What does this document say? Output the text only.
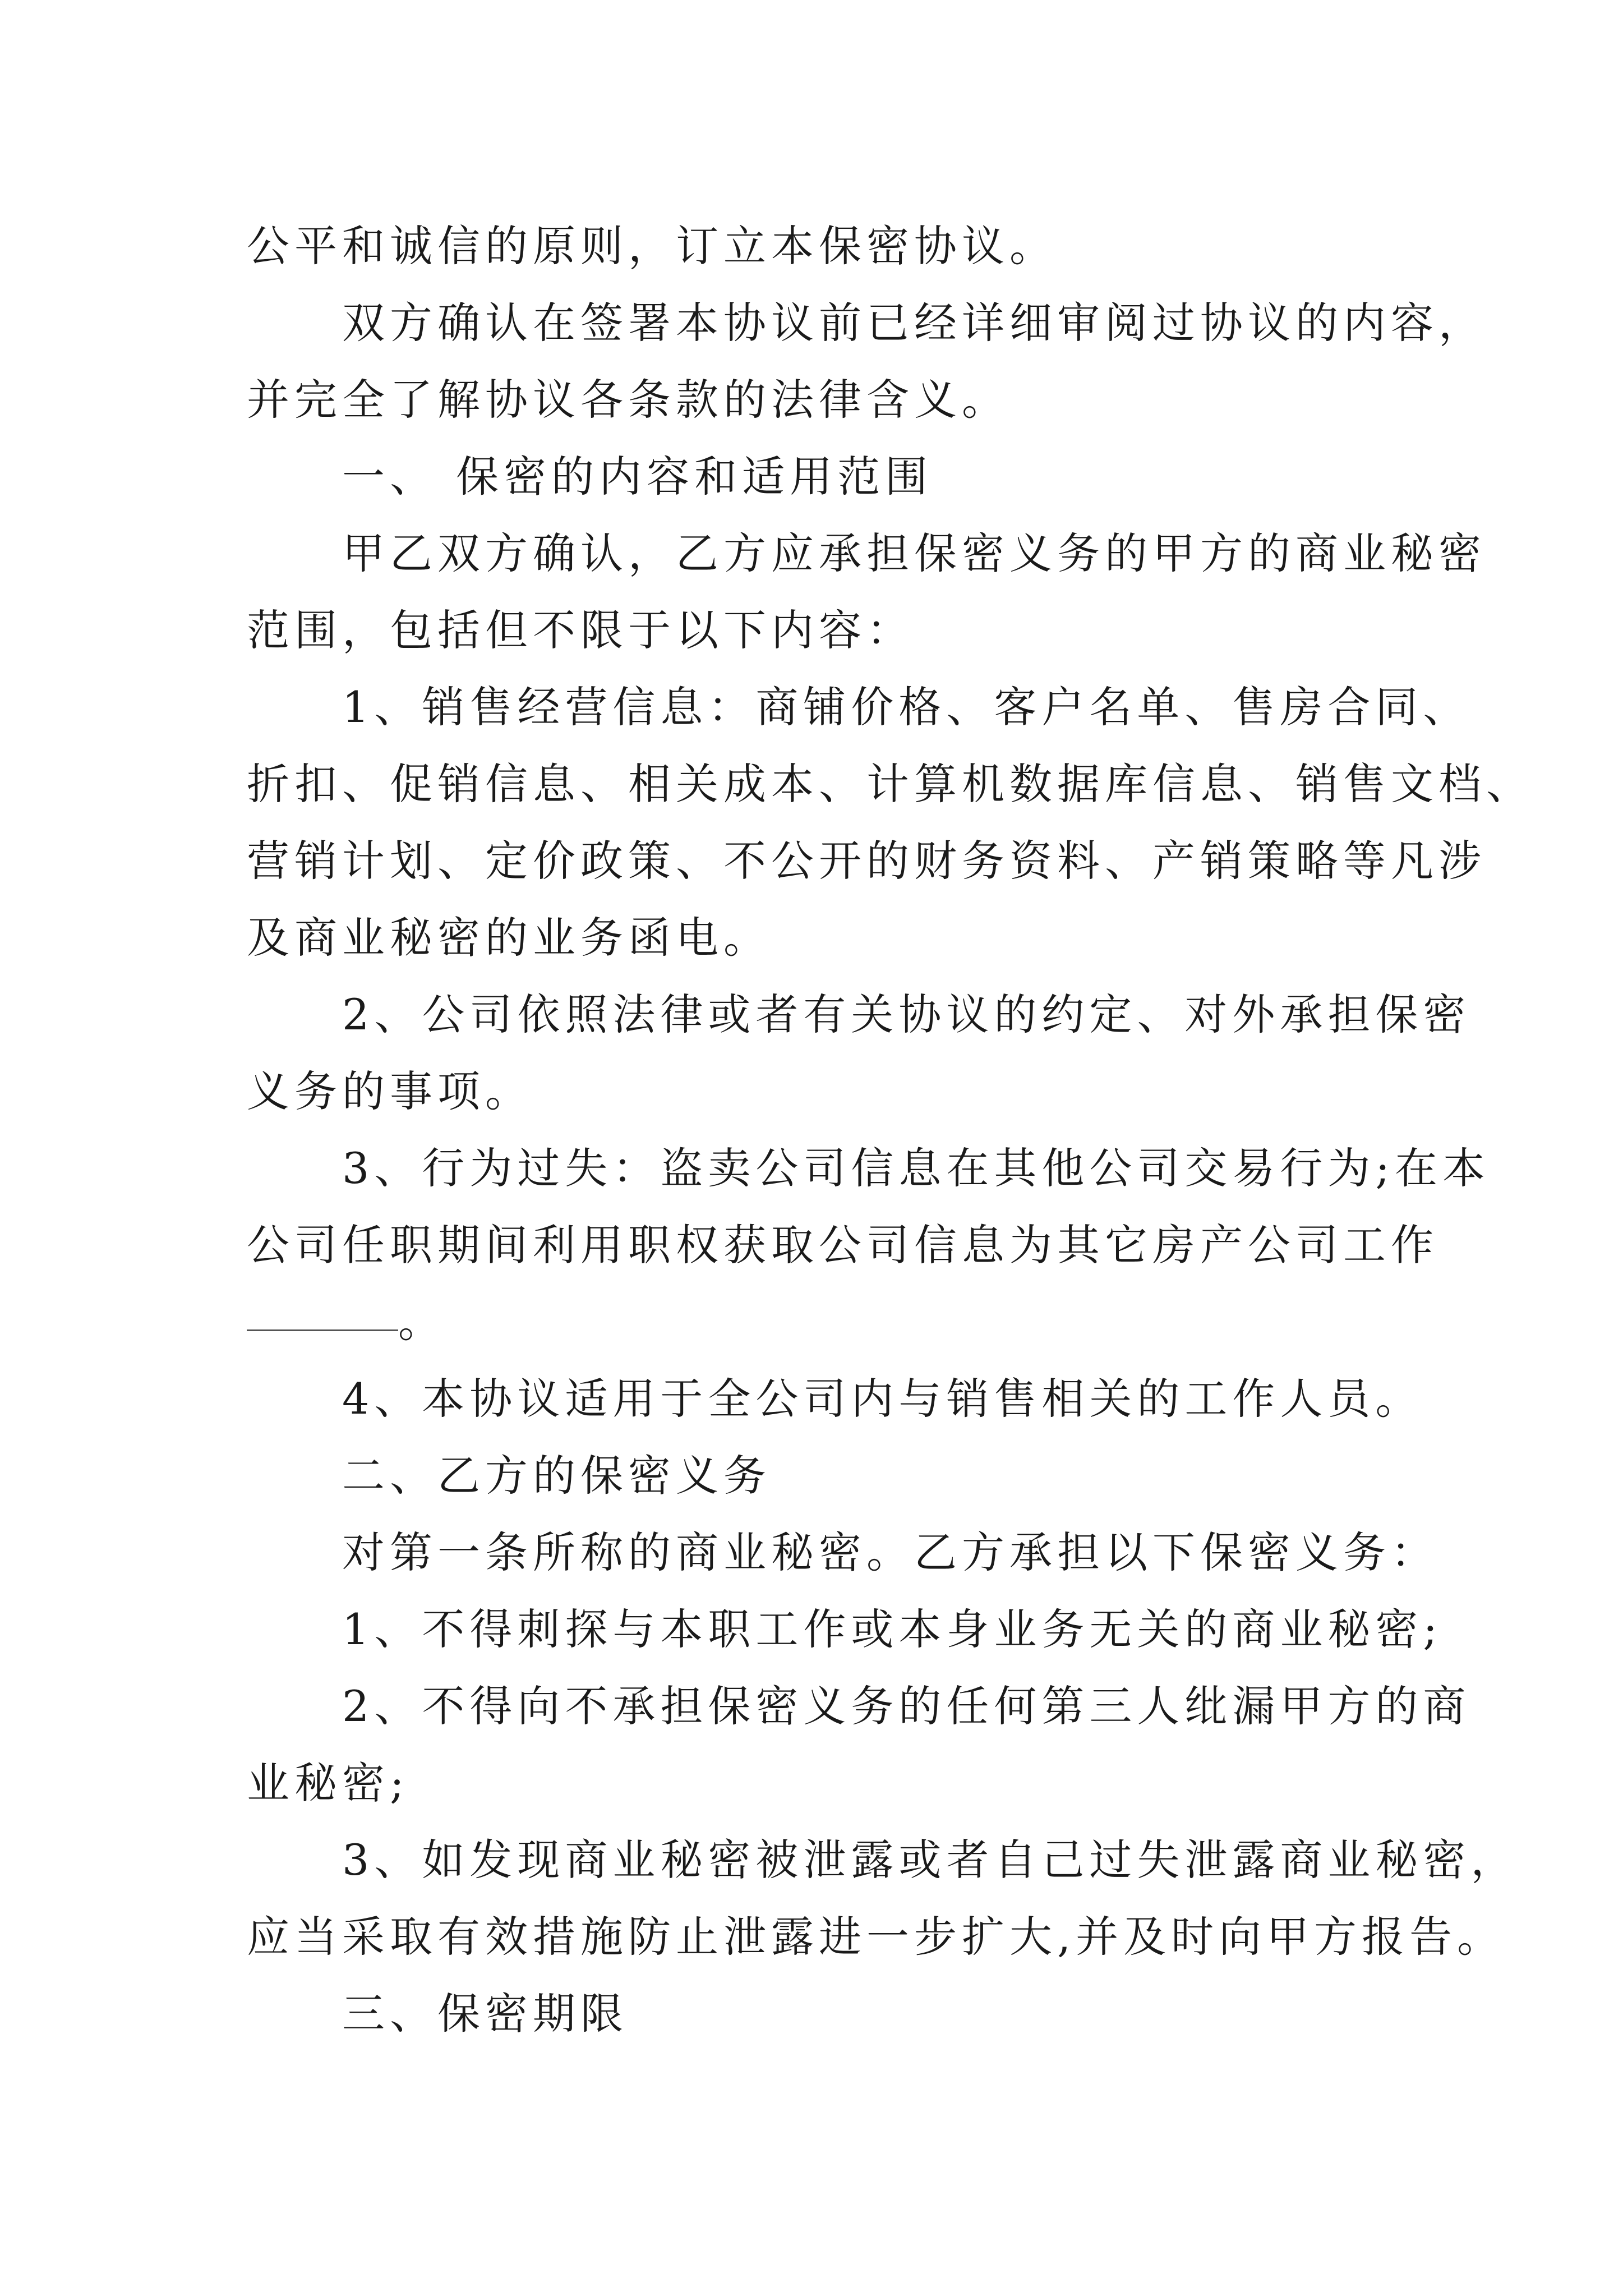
公平和诚信的原则，订立本保密协议。

双方确认在签署本协议前已经详细审阅过协议的内容，
并完全了解协议各条款的法律含义。

一、 保密的内容和适用范围

甲乙双方确认，乙方应承担保密义务的甲方的商业秘密
范围，包括但不限于以下内容：

1、销售经营信息：商铺价格、客户名单、售房合同、
折扣、促销信息、相关成本、计算机数据库信息、销售文档、
营销计划、定价政策、不公开的财务资料、产销策略等凡涉
及商业秘密的业务函电。

2、公司依照法律或者有关协议的约定、对外承担保密
义务的事项。

3、行为过失：盗卖公司信息在其他公司交易行为;在本
公司任职期间利用职权获取公司信息为其它房产公司工作
。

4、本协议适用于全公司内与销售相关的工作人员。

二、乙方的保密义务

对第一条所称的商业秘密。乙方承担以下保密义务：

1、不得刺探与本职工作或本身业务无关的商业秘密;

2、不得向不承担保密义务的任何第三人纰漏甲方的商
业秘密;

3、如发现商业秘密被泄露或者自己过失泄露商业秘密，
应当采取有效措施防止泄露进一步扩大,并及时向甲方报告。

三、保密期限
